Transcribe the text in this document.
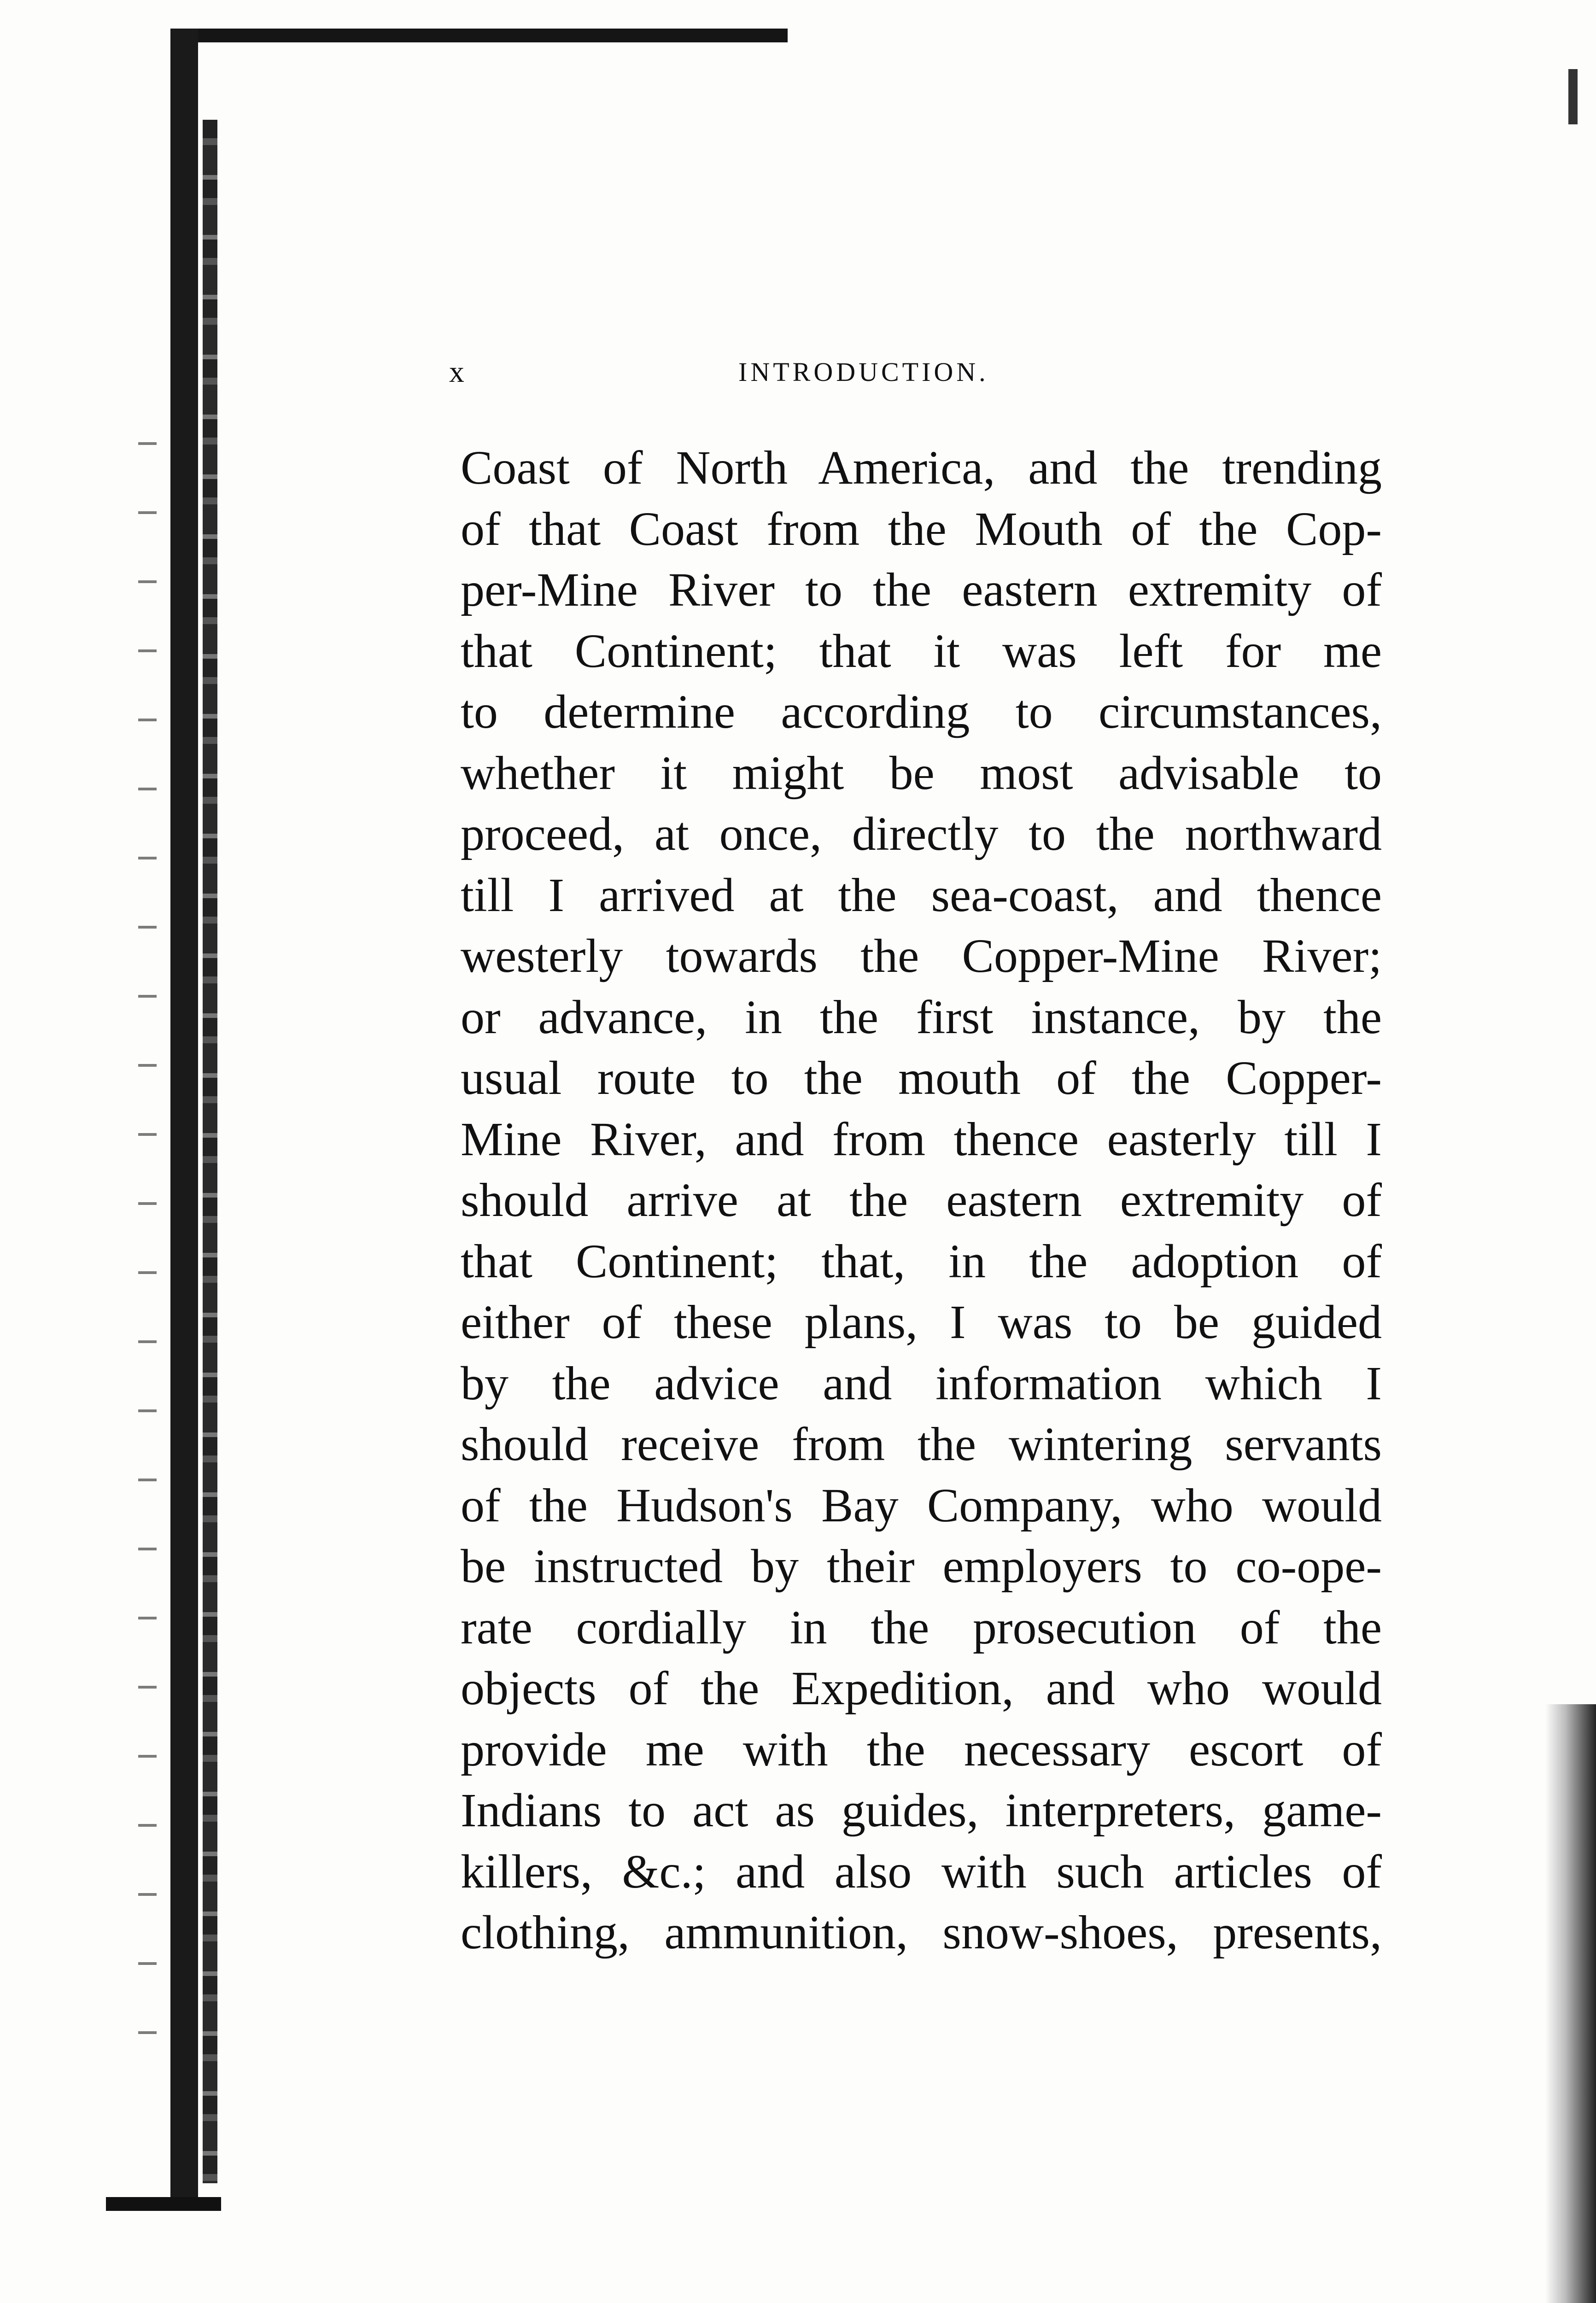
x	INTRODUCTION.
Coast of North America, and the trending
of that Coast from the Mouth of the Cop-
per-Mine River to the eastern extremity of
that Continent; that it was left for me
to determine according to circumstances,
whether it might be most advisable to
proceed, at once, directly to the northward
till I arrived at the sea-coast, and thence
westerly towards the Copper-Mine River;
or advance, in the first instance, by the
usual route to the mouth of the Copper-
Mine River, and from thence easterly till I
should arrive at the eastern extremity of
that Continent; that, in the adoption of
either of these plans, I was to be guided
by the advice and information which I
should receive from the wintering servants
of the Hudson's Bay Company, who would
be instructed by their employers to co-ope-
rate cordially in the prosecution of the
objects of the Expedition, and who would
provide me with the necessary escort of
Indians to act as guides, interpreters, game-
killers, &c.; and also with such articles of
clothing, ammunition, snow-shoes, presents,
